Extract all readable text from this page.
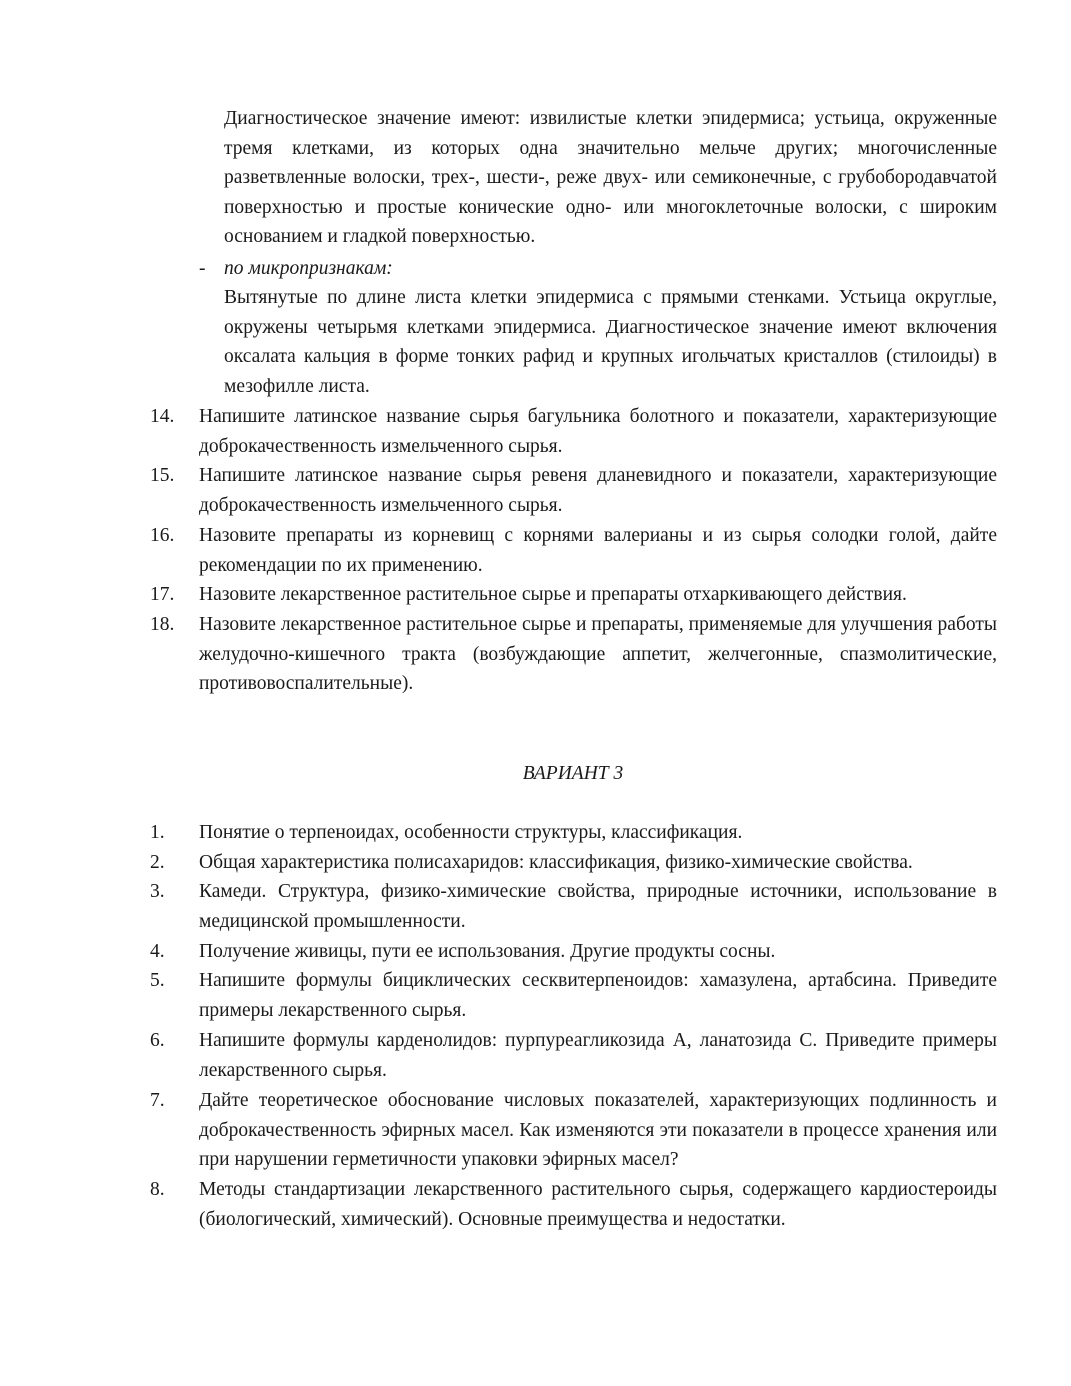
Диагностическое значение имеют: извилистые клетки эпидермиса; устьица, окруженные тремя клетками, из которых одна значительно мельче других; многочисленные разветвленные волоски, трех-, шести-, реже двух- или семиконечные, с грубобородавчатой поверхностью и простые конические одно- или многоклеточные волоски, с широким основанием и гладкой поверхностью.
- по микропризнакам:
Вытянутые по длине листа клетки эпидермиса с прямыми стенками. Устьица округлые, окружены четырьмя клетками эпидермиса. Диагностическое значение имеют включения оксалата кальция в форме тонких рафид и крупных игольчатых кристаллов (стилоиды) в мезофилле листа.
14. Напишите латинское название сырья багульника болотного и показатели, характеризующие доброкачественность измельченного сырья.
15. Напишите латинское название сырья ревеня дланевидного и показатели, характеризующие доброкачественность измельченного сырья.
16. Назовите препараты из корневищ с корнями валерианы и из сырья солодки голой, дайте рекомендации по их применению.
17. Назовите лекарственное растительное сырье и препараты отхаркивающего действия.
18. Назовите лекарственное растительное сырье и препараты, применяемые для улучшения работы желудочно-кишечного тракта (возбуждающие аппетит, желчегонные, спазмолитические, противовоспалительные).
ВАРИАНТ 3
1. Понятие о терпеноидах, особенности структуры, классификация.
2. Общая характеристика полисахаридов: классификация, физико-химические свойства.
3. Камеди. Структура, физико-химические свойства, природные источники, использование в медицинской промышленности.
4. Получение живицы, пути ее использования. Другие продукты сосны.
5. Напишите формулы бициклических сесквитерпеноидов: хамазулена, артабсина. Приведите примеры лекарственного сырья.
6. Напишите формулы карденолидов: пурпуреагликозида А, ланатозида С. Приведите примеры лекарственного сырья.
7. Дайте теоретическое обоснование числовых показателей, характеризующих подлинность и доброкачественность эфирных масел. Как изменяются эти показатели в процессе хранения или при нарушении герметичности упаковки эфирных масел?
8. Методы стандартизации лекарственного растительного сырья, содержащего кардиостероиды (биологический, химический). Основные преимущества и недостатки.
